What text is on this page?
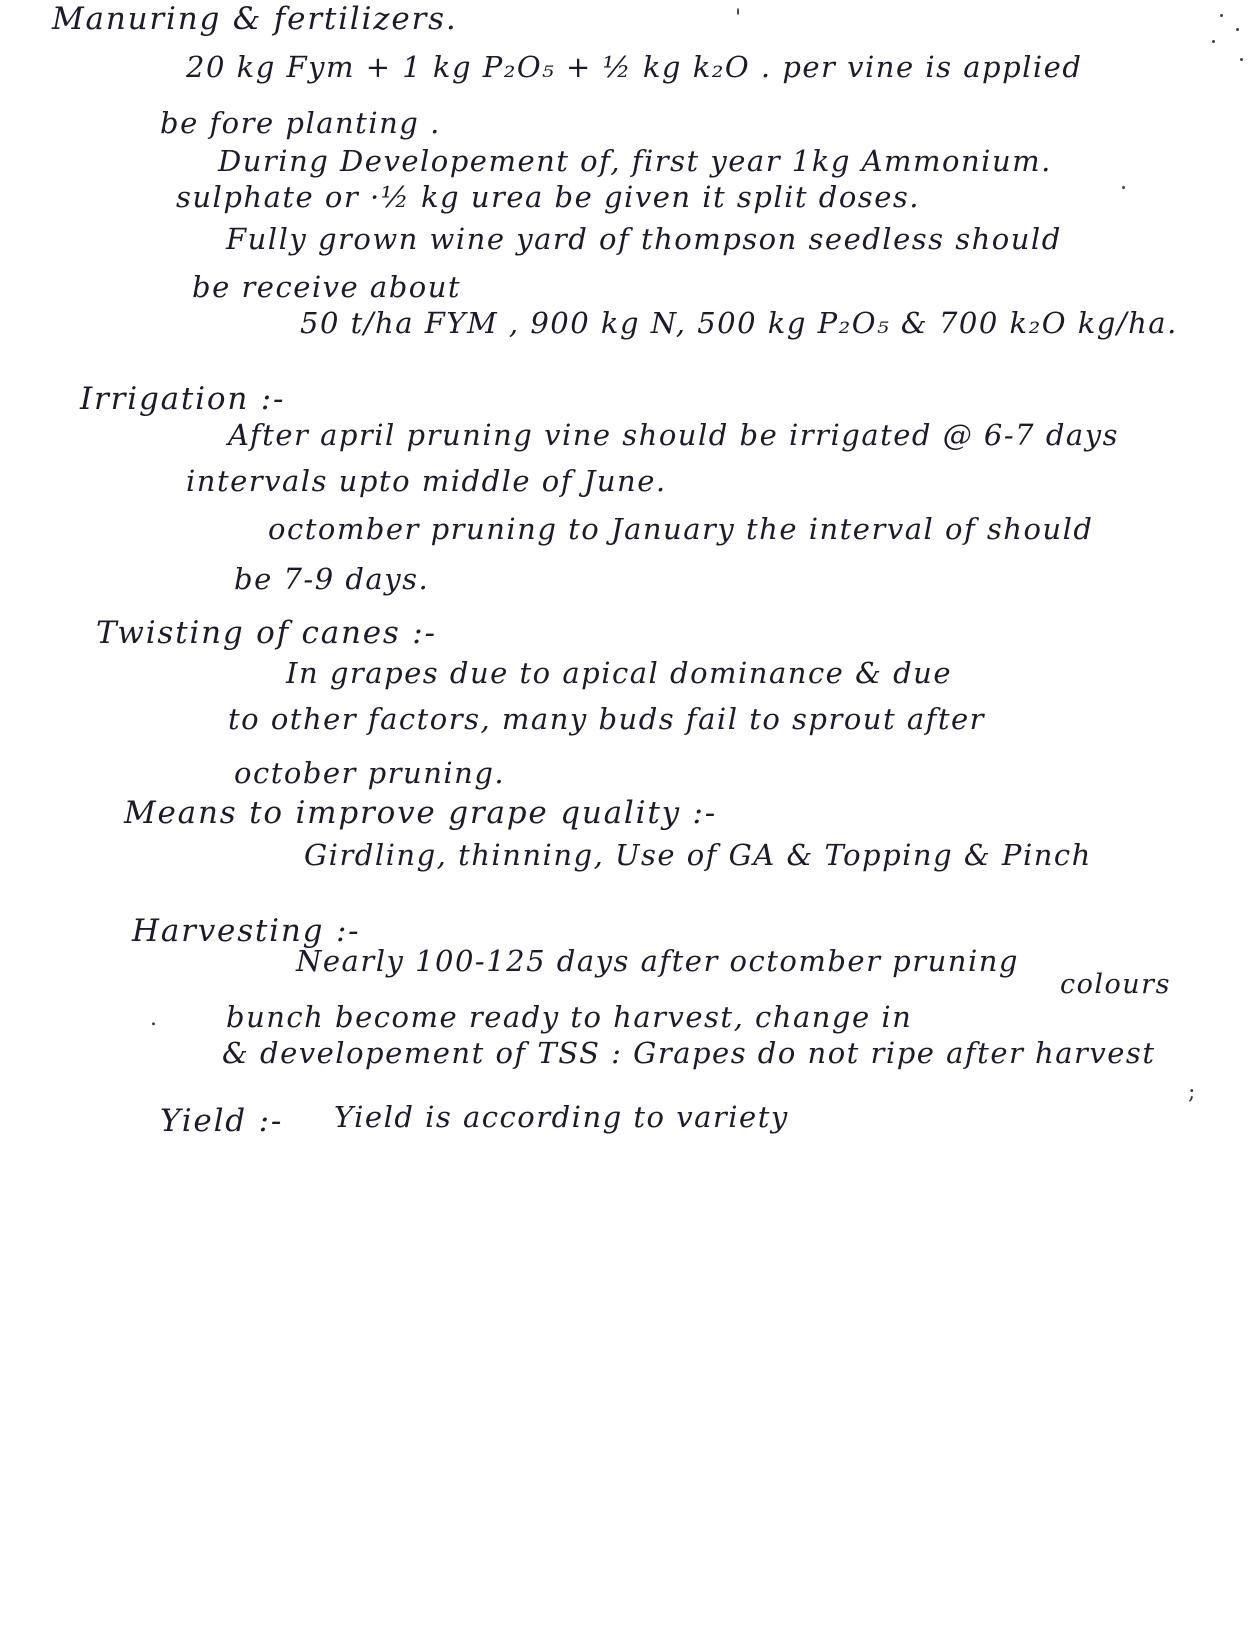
Manuring & fertilizers.	'
20 kg Fym + 1 kg P₂O₅ + ½ kg k₂O . per vine is applied
be fore planting .
During Developement of, first year 1kg Ammonium.
sulphate or ·½ kg urea be given it split doses.
Fully grown wine yard of thompson seedless should
be receive about
50 t/ha FYM , 900 kg N, 500 kg P₂O₅ & 700 k₂O kg/ha.
Irrigation :-
After april pruning vine should be irrigated @ 6-7 days
intervals upto middle of June.
octomber pruning to January the interval of should
be 7-9 days.
Twisting of canes :-
In grapes due to apical dominance & due
to other factors, many buds fail to sprout after
october pruning.
Means to improve grape quality :-
Girdling, thinning, Use of GA & Topping & Pinch
Harvesting :-
Nearly 100-125 days after octomber pruning
colours
bunch become ready to harvest, change in
& developement of TSS : Grapes do not ripe after harvest
Yield :- Yield is according to variety
;
.
